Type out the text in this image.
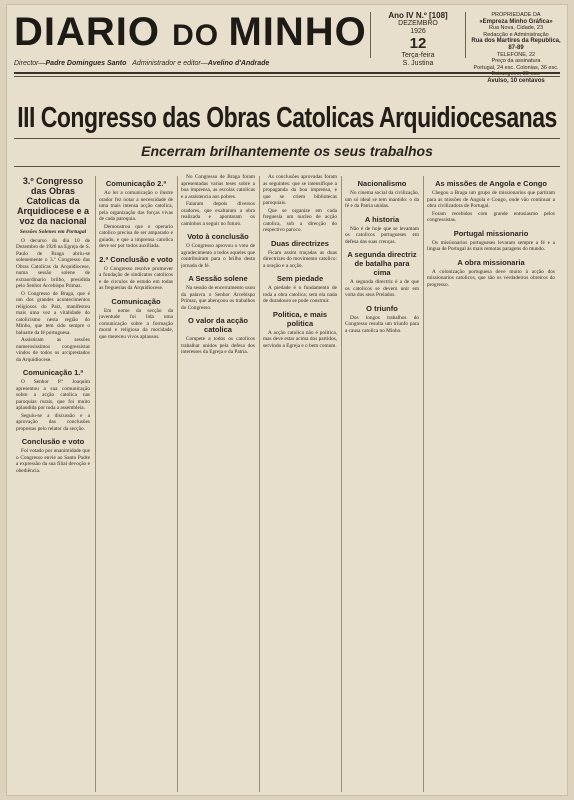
DIARIO DO MINHO	Ano IV N.º [108]
DEZEMBRO
1926
12
Terça-feira
S. Justina
PROPRIEDADE DA
«Empreza Minho Gráfica»
Rua Nova, Cidade, 23
Redacção e Administração
Rua dos Martires da Republica, 87-89
TELEFONE, 22
Preço da assinatura
Portugal, 24 esc. Colonias, 36 esc.
Estrangeiro, 36 esc.
Avulso, 10 centavos
Director—Padre Domingues Santo Administrador e editor—Avelino d'Andrade
III Congresso das Obras Catolicas Arquidiocesanas
Encerram brilhantemente os seus trabalhos
3.º Congresso das Obras Catolicas da Arquidiocese e a voz da nacional
Sessões Solenes em Portugal

O decurso do dia 10 de Dezembro de 1926 na Egreja de S. Paulo de Braga abriu-se solenemente o 3.º Congresso das Obras Catolicas da Arquidiocese, numa sessão solene de extraordinario brilho, presidida pelo Senhor Arcebispo Primaz.

O Congresso de Braga, que é um dos grandes acontecimentos religiosos do Paiz, manifestou mais uma vez a vitalidade do catolicismo nesta região do Minho, que tem sido sempre o baluarte da fé portuguesa.

Assistiram as sessões numerosissimos congressistas vindos de todos os arciprestados da Arquidiocese.

Comunicação 1.ª

O Senhor P.ª Joaquim apresentou a sua comunicação sobre a acção catolica nas paroquias rurais, que foi muito aplaudida por toda a assembleia.

Seguiu-se a discussão e a aprovação das conclusões propostas pelo relator da secção.

Conclusão e voto

Foi votado por unanimidade que o Congresso envie ao Santo Padre a expressão da sua filial devoção e obediência.

Comunicação 2.ª

Ao ler a comunicação o ilustre orador fez notar a necessidade de uma mais intensa acção catolica, pela organização das forças vivas de cada paroquia.

Demonstrou que o operario catolico precisa de ser amparado e guiado, e que a imprensa catolica deve ser por todos auxiliada.

2.ª Conclusão e voto

O Congresso resolve promover a fundação de sindicatos catolicos e de circulos de estudo em todas as freguesias da Arquidiocese.

Comunicação

Em nome da secção da juventude foi lida uma comunicação sobre a formação moral e religiosa da mocidade, que mereceu vivos aplausos.

No Congresso de Braga foram apresentadas varias teses sobre a boa imprensa, as escolas catolicas e a assistencia aos pobres.

Falaram depois diversos oradores, que exaltaram a obra realizada e apontaram os caminhos a seguir no futuro.

Voto à conclusão

O Congresso aprovou o voto de agradecimento a todos aqueles que contribuiram para o brilho desta jornada de fé.

A Sessão solene

Na sessão de encerramento usou da palavra o Senhor Arcebispo Primaz, que abençoou os trabalhos do Congresso.

O valor da acção catolica

Compete a todos os catolicos trabalhar unidos pela defesa dos interesses da Egreja e da Patria.

As conclusões aprovadas foram as seguintes: que se intensifique a propaganda da boa imprensa, e que se criem bibliotecas paroquiais.

Que se organize em cada freguesia um nucleo de acção catolica, sob a direcção do respectivo paroco.

Duas directrizes

Ficam assim traçadas as duas directrizes do movimento catolico: a oração e a acção.

Sem piedade

A piedade é o fundamento de toda a obra catolica; sem ela nada de duradouro se pode construir.

Politica, e mais politica

A acção catolica não é politica, mas deve estar acima dos partidos, servindo a Egreja e o bem comum.

Nacionalismo

No cinema social da civilização, um só ideal se tem mantido: o da fé e da Patria unidas.

A historia

Não é de hoje que se levantam os catolicos portugueses em defesa das suas crenças.

A segunda directriz de batalha para cima

A segunda directriz é a de que os catolicos se devem unir em volta dos seus Prelados.

O triunfo

Dos longos trabalhos do Congresso resulta um triunfo para a causa catolica no Minho.

As missões de Angola e Congo

Chegou a Braga um grupo de missionarios que partiram para as missões de Angola e Congo, onde vão continuar a obra civilizadora de Portugal.

Foram recebidos com grande entusiasmo pelos congressistas.

Portugal missionario

Os missionarios portugueses levaram sempre a fé e a lingua de Portugal às mais remotas paragens do mundo.

A obra missionaria

A colonização portuguesa deve muito à acção dos missionarios catolicos, que são os verdadeiros obreiros do progresso.
